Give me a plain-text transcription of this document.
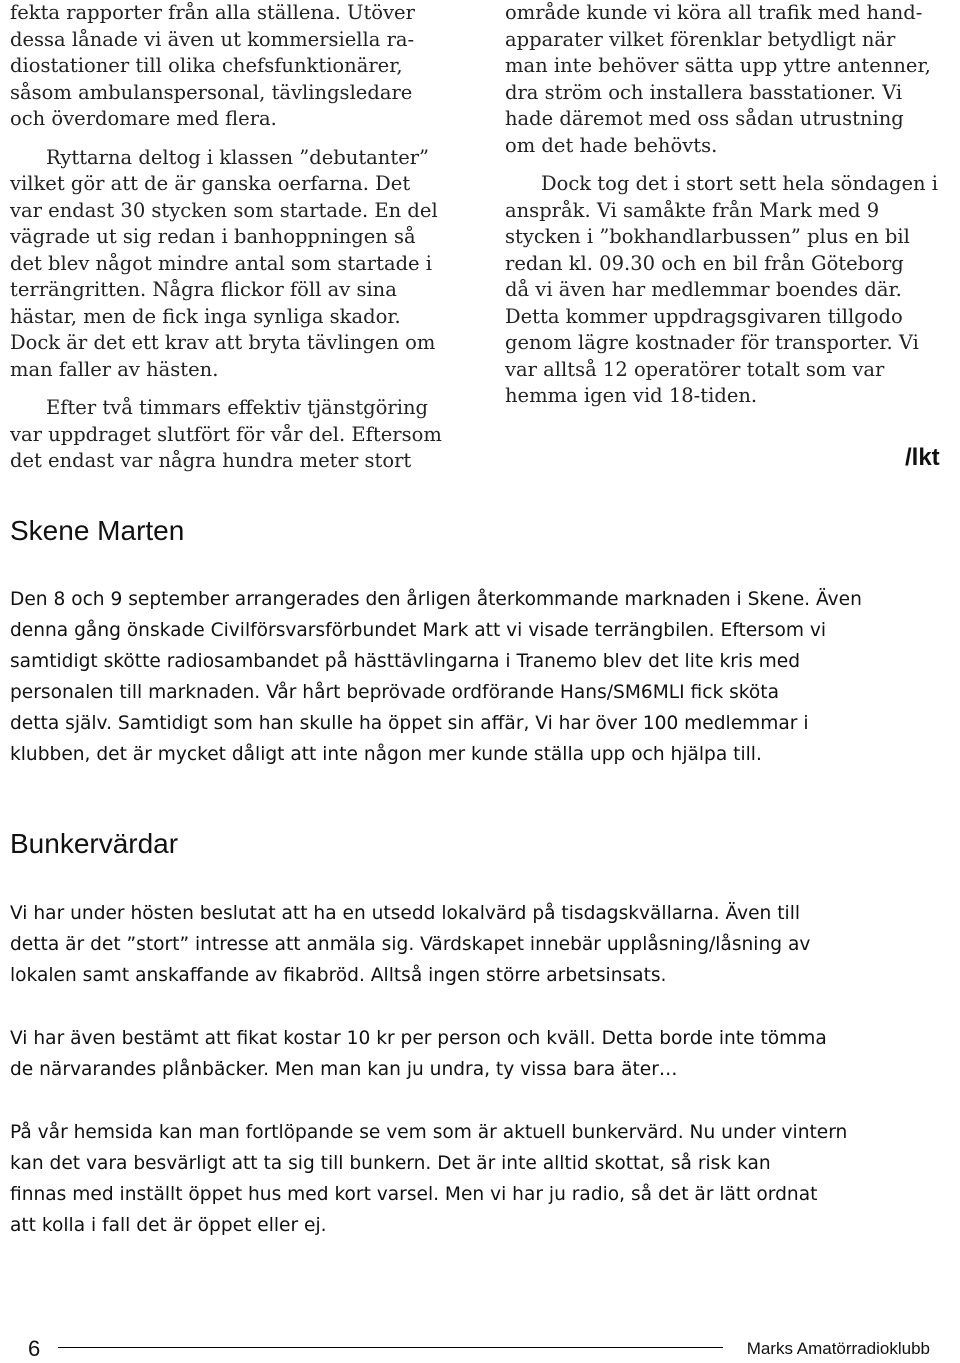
fekta rapporter från alla ställena. Utöver
dessa lånade vi även ut kommersiella ra-
diostationer till olika chefsfunktionärer,
såsom ambulanspersonal, tävlingsledare
och överdomare med flera.

Ryttarna deltog i klassen ”debutanter”
vilket gör att de är ganska oerfarna. Det
var endast 30 stycken som startade. En del
vägrade ut sig redan i banhoppningen så
det blev något mindre antal som startade i
terrängritten. Några flickor föll av sina
hästar, men de fick inga synliga skador.
Dock är det ett krav att bryta tävlingen om
man faller av hästen.

Efter två timmars effektiv tjänstgöring
var uppdraget slutfört för vår del. Eftersom
det endast var några hundra meter stort

område kunde vi köra all trafik med hand-
apparater vilket förenklar betydligt när
man inte behöver sätta upp yttre antenner,
dra ström och installera basstationer. Vi
hade däremot med oss sådan utrustning
om det hade behövts.

Dock tog det i stort sett hela söndagen i
anspråk. Vi samåkte från Mark med 9
stycken i ”bokhandlarbussen” plus en bil
redan kl. 09.30 och en bil från Göteborg
då vi även har medlemmar boendes där.
Detta kommer uppdragsgivaren tillgodo
genom lägre kostnader för transporter. Vi
var alltså 12 operatörer totalt som var
hemma igen vid 18-tiden.

/lkt
Skene Marten

Den 8 och 9 september arrangerades den årligen återkommande marknaden i Skene. Även
denna gång önskade Civilförsvarsförbundet Mark att vi visade terrängbilen. Eftersom vi
samtidigt skötte radiosambandet på hästtävlingarna i Tranemo blev det lite kris med
personalen till marknaden. Vår hårt beprövade ordförande Hans/SM6MLI fick sköta
detta själv. Samtidigt som han skulle ha öppet sin affär, Vi har över 100 medlemmar i
klubben, det är mycket dåligt att inte någon mer kunde ställa upp och hjälpa till.

Bunkervärdar

Vi har under hösten beslutat att ha en utsedd lokalvärd på tisdagskvällarna. Även till
detta är det ”stort” intresse att anmäla sig. Värdskapet innebär upplåsning/låsning av
lokalen samt anskaffande av fikabröd. Alltså ingen större arbetsinsats.

Vi har även bestämt att fikat kostar 10 kr per person och kväll. Detta borde inte tömma
de närvarandes plånbäcker. Men man kan ju undra, ty vissa bara äter…

På vår hemsida kan man fortlöpande se vem som är aktuell bunkervärd. Nu under vintern
kan det vara besvärligt att ta sig till bunkern. Det är inte alltid skottat, så risk kan
finnas med inställt öppet hus med kort varsel. Men vi har ju radio, så det är lätt ordnat
att kolla i fall det är öppet eller ej.

6	Marks Amatörradioklubb
